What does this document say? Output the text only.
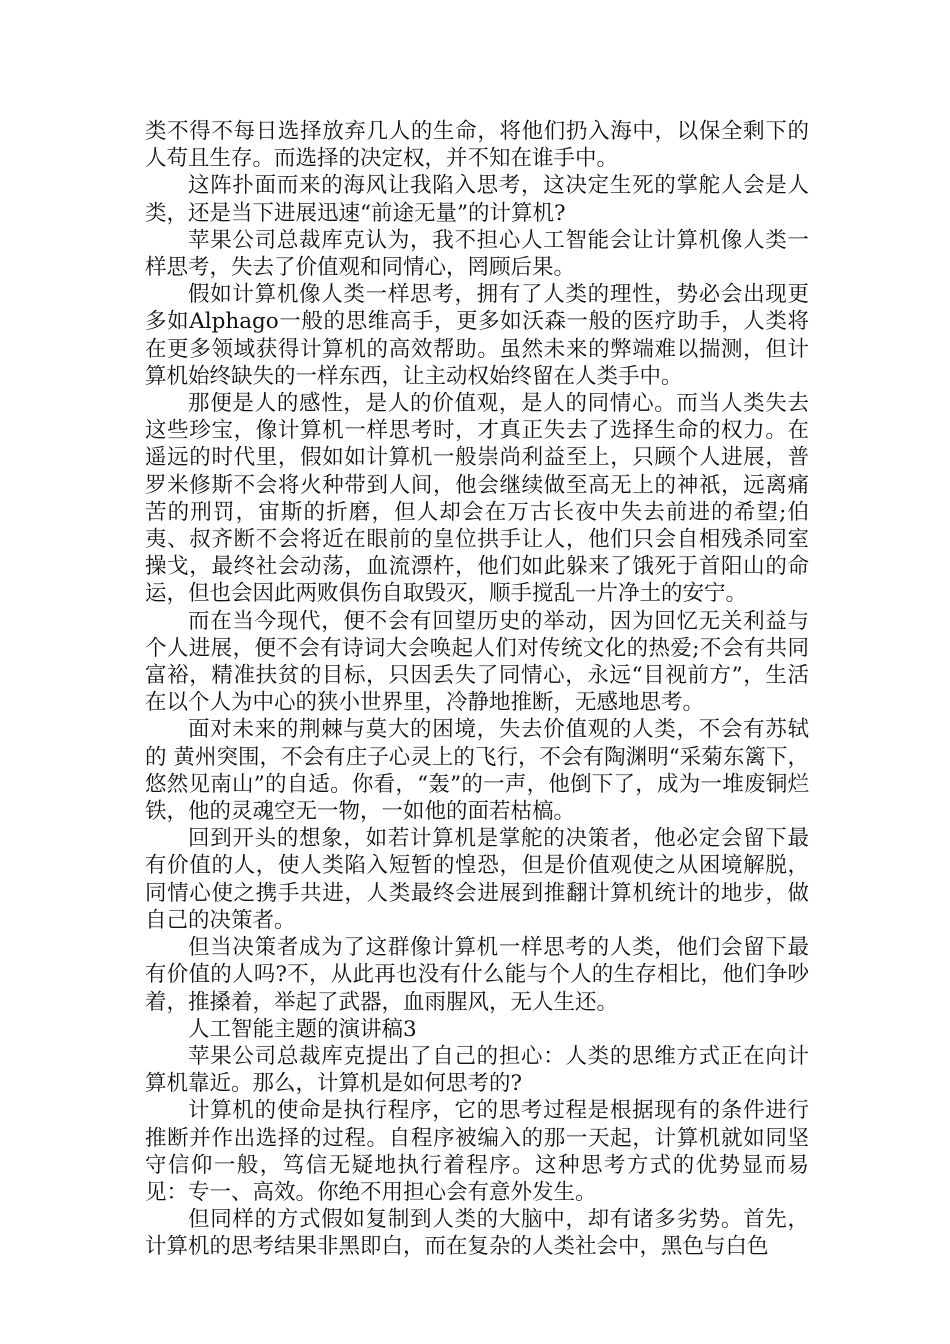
类不得不每日选择放弃几人的生命，将他们扔入海中，以保全剩下的人苟且生存。而选择的决定权，并不知在谁手中。

这阵扑面而来的海风让我陷入思考，这决定生死的掌舵人会是人类，还是当下进展迅速“前途无量”的计算机?

苹果公司总裁库克认为，我不担心人工智能会让计算机像人类一样思考，失去了价值观和同情心，罔顾后果。

假如计算机像人类一样思考，拥有了人类的理性，势必会出现更多如Alphago一般的思维高手，更多如沃森一般的医疗助手，人类将在更多领域获得计算机的高效帮助。虽然未来的弊端难以揣测，但计算机始终缺失的一样东西，让主动权始终留在人类手中。

那便是人的感性，是人的价值观，是人的同情心。而当人类失去这些珍宝，像计算机一样思考时，才真正失去了选择生命的权力。在遥远的时代里，假如如计算机一般崇尚利益至上，只顾个人进展，普罗米修斯不会将火种带到人间，他会继续做至高无上的神祇，远离痛苦的刑罚，宙斯的折磨，但人却会在万古长夜中失去前进的希望;伯夷、叔齐断不会将近在眼前的皇位拱手让人，他们只会自相残杀同室操戈，最终社会动荡，血流漂杵，他们如此躲来了饿死于首阳山的命运，但也会因此两败俱伤自取毁灭，顺手搅乱一片净土的安宁。

而在当今现代，便不会有回望历史的举动，因为回忆无关利益与个人进展，便不会有诗词大会唤起人们对传统文化的热爱;不会有共同富裕，精准扶贫的目标，只因丢失了同情心，永远“目视前方”，生活在以个人为中心的狭小世界里，冷静地推断，无感地思考。

面对未来的荆棘与莫大的困境，失去价值观的人类，不会有苏轼的 黄州突围，不会有庄子心灵上的飞行，不会有陶渊明“采菊东篱下，悠然见南山”的自适。你看，“轰”的一声，他倒下了，成为一堆废铜烂铁，他的灵魂空无一物，一如他的面若枯槁。

回到开头的想象，如若计算机是掌舵的决策者，他必定会留下最有价值的人，使人类陷入短暂的惶恐，但是价值观使之从困境解脱，同情心使之携手共进，人类最终会进展到推翻计算机统计的地步，做自己的决策者。

但当决策者成为了这群像计算机一样思考的人类，他们会留下最有价值的人吗?不，从此再也没有什么能与个人的生存相比，他们争吵着，推搡着，举起了武器，血雨腥风，无人生还。

人工智能主题的演讲稿3

苹果公司总裁库克提出了自己的担心：人类的思维方式正在向计算机靠近。那么，计算机是如何思考的?

计算机的使命是执行程序，它的思考过程是根据现有的条件进行推断并作出选择的过程。自程序被编入的那一天起，计算机就如同坚守信仰一般，笃信无疑地执行着程序。这种思考方式的优势显而易见：专一、高效。你绝不用担心会有意外发生。

但同样的方式假如复制到人类的大脑中，却有诸多劣势。首先，计算机的思考结果非黑即白，而在复杂的人类社会中，黑色与白色
